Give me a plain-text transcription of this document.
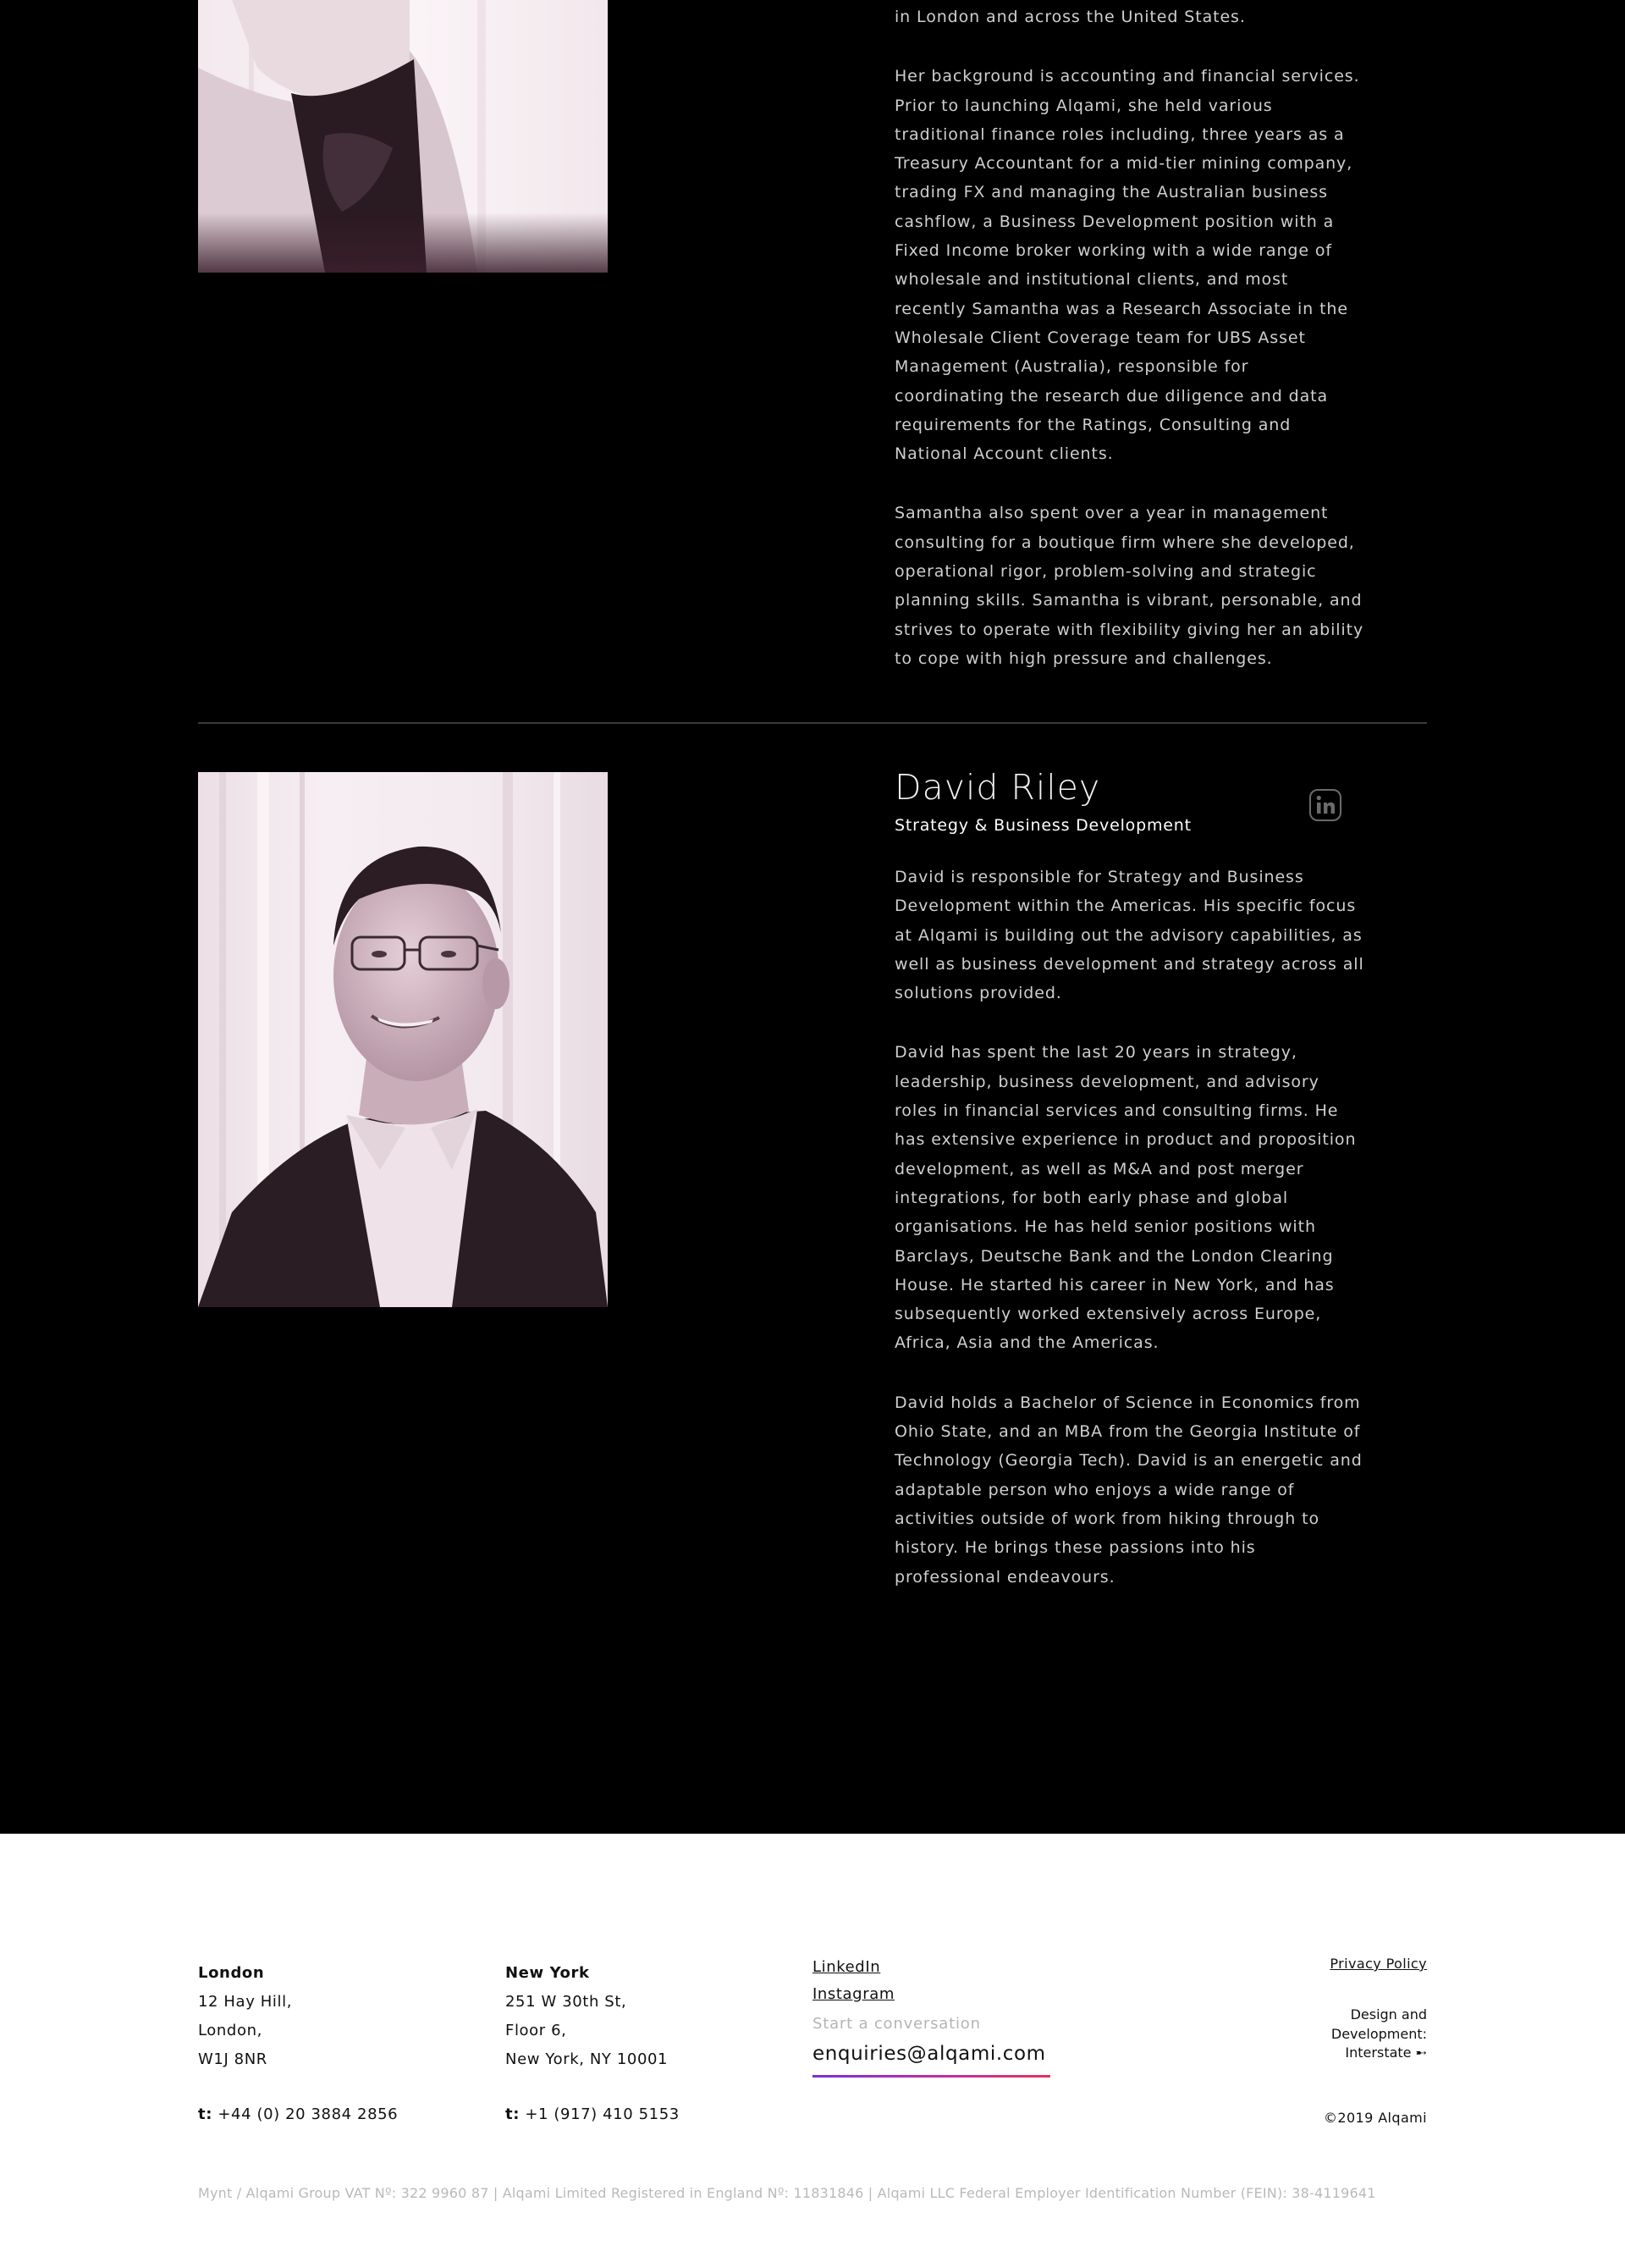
in London and across the United States.

Her background is accounting and financial services. Prior to launching Alqami, she held various traditional finance roles including, three years as a Treasury Accountant for a mid-tier mining company, trading FX and managing the Australian business cashflow, a Business Development position with a Fixed Income broker working with a wide range of wholesale and institutional clients, and most recently Samantha was a Research Associate in the Wholesale Client Coverage team for UBS Asset Management (Australia), responsible for coordinating the research due diligence and data requirements for the Ratings, Consulting and National Account clients.

Samantha also spent over a year in management consulting for a boutique firm where she developed, operational rigor, problem-solving and strategic planning skills. Samantha is vibrant, personable, and strives to operate with flexibility giving her an ability to cope with high pressure and challenges.

David Riley
Strategy & Business Development

David is responsible for Strategy and Business Development within the Americas. His specific focus at Alqami is building out the advisory capabilities, as well as business development and strategy across all solutions provided.

David has spent the last 20 years in strategy, leadership, business development, and advisory roles in financial services and consulting firms. He has extensive experience in product and proposition development, as well as M&A and post merger integrations, for both early phase and global organisations. He has held senior positions with Barclays, Deutsche Bank and the London Clearing House. He started his career in New York, and has subsequently worked extensively across Europe, Africa, Asia and the Americas.

David holds a Bachelor of Science in Economics from Ohio State, and an MBA from the Georgia Institute of Technology (Georgia Tech). David is an energetic and adaptable person who enjoys a wide range of activities outside of work from hiking through to history. He brings these passions into his professional endeavours.

London
12 Hay Hill,
London,
W1J 8NR
New York
251 W 30th St,
Floor 6,
New York, NY 10001
t: +44 (0) 20 3884 2856	t: +1 (917) 410 5153
LinkedIn
Instagram
Start a conversation
enquiries@alqami.com
Privacy Policy
Design and
Development:
Interstate ➸
©2019 Alqami
Mynt / Alqami Group VAT Nº: 322 9960 87 | Alqami Limited Registered in England Nº: 11831846 | Alqami LLC Federal Employer Identification Number (FEIN): 38-4119641
